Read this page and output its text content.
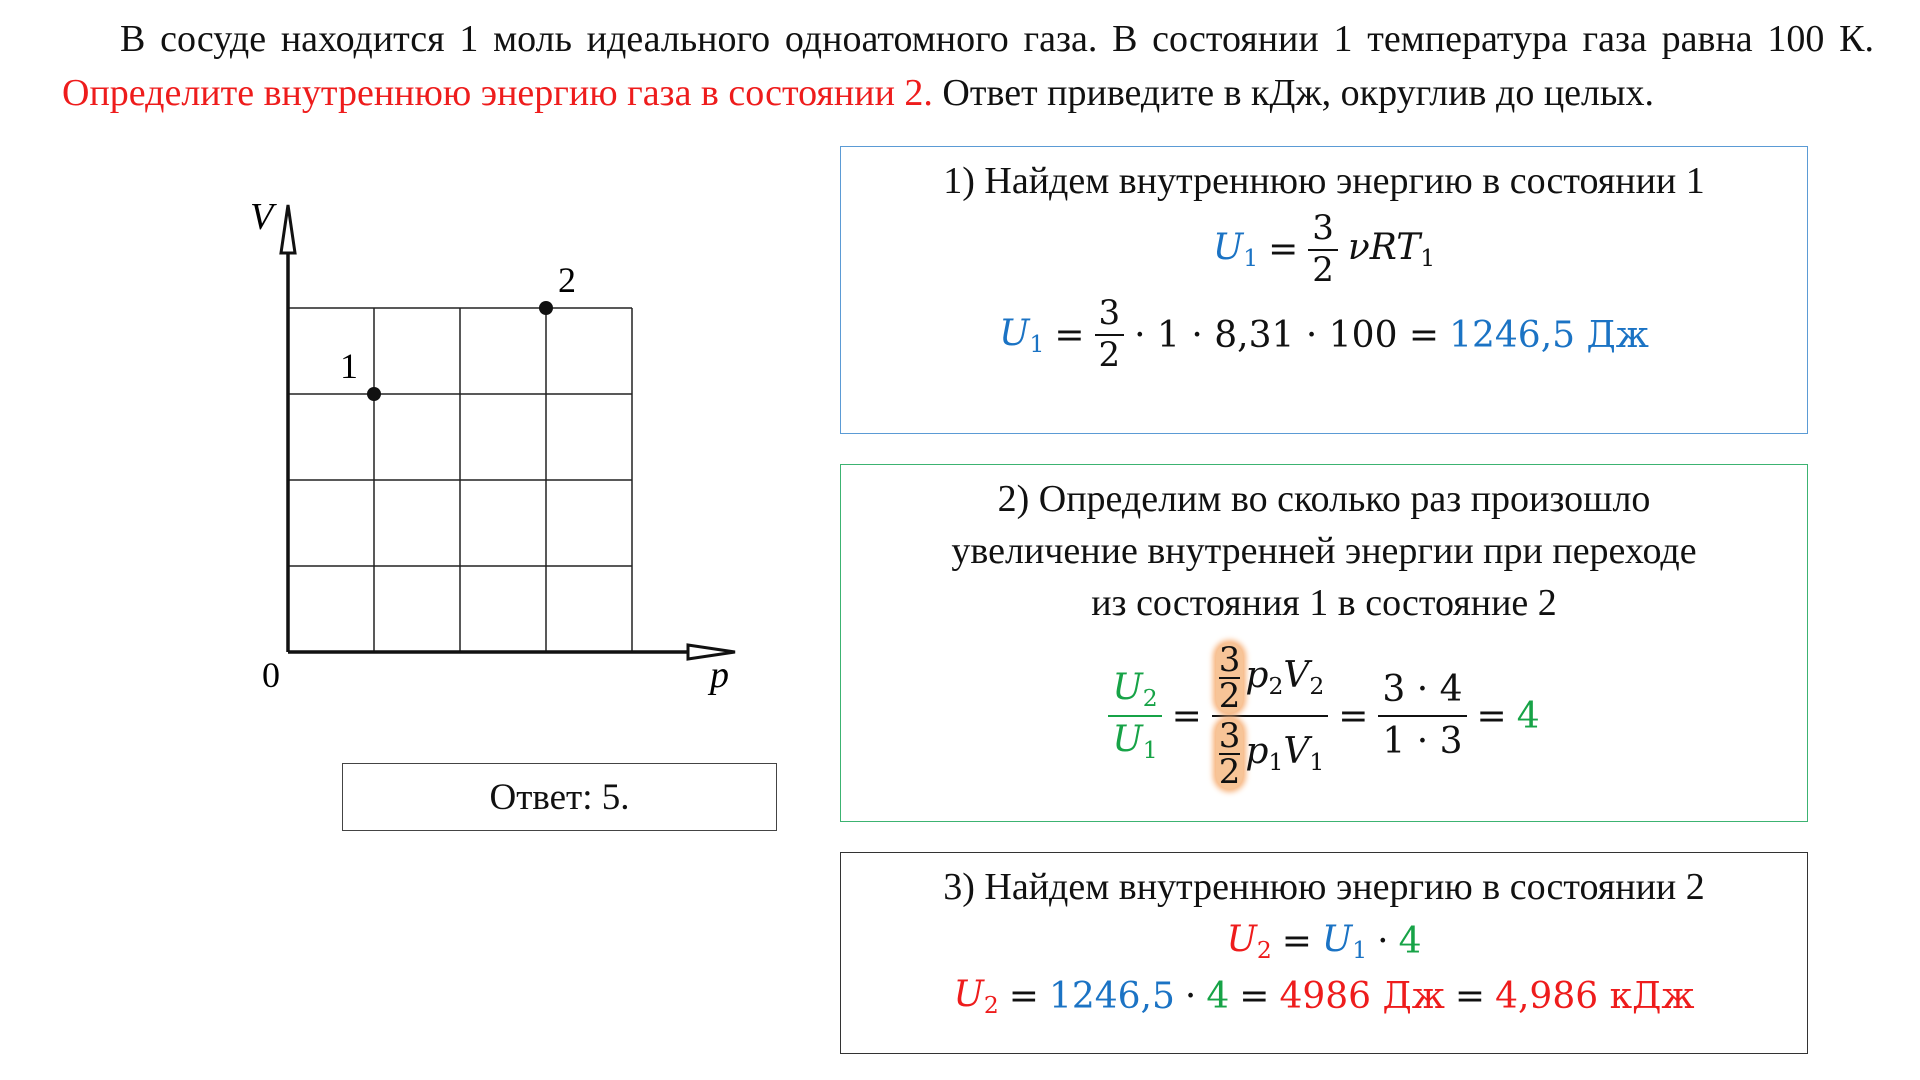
В сосуде находится 1 моль идеального одноатомного газа. В состоянии 1 температура газа равна 100 К. Определите внутреннюю энергию газа в состоянии 2. Ответ приведите в кДж, округлив до целых.
V
p
0
1
2
Ответ: 5.
1) Найдем внутреннюю энергию в состоянии 1
$U_1 = \frac{3}{2} \nu RT_1$
$U_1 = \frac{3}{2} \cdot 1 \cdot 8,31 \cdot 100 = 1246,5$ Дж
2) Определим во сколько раз произошло
увеличение внутренней энергии при переходе
из состояния 1 в состояние 2
$\frac{U_2}{U_1} = 3$
2 $p_2V_2$
3
2 $p_1V_1 = \frac{3 \cdot 4}{1 \cdot 3} = 4$
3) Найдем внутреннюю энергию в состоянии 2
$U_2 = U_1 \cdot 4$
$U_2 = 1246,5 \cdot 4 = 4986$ Дж = 4,986 кДж
